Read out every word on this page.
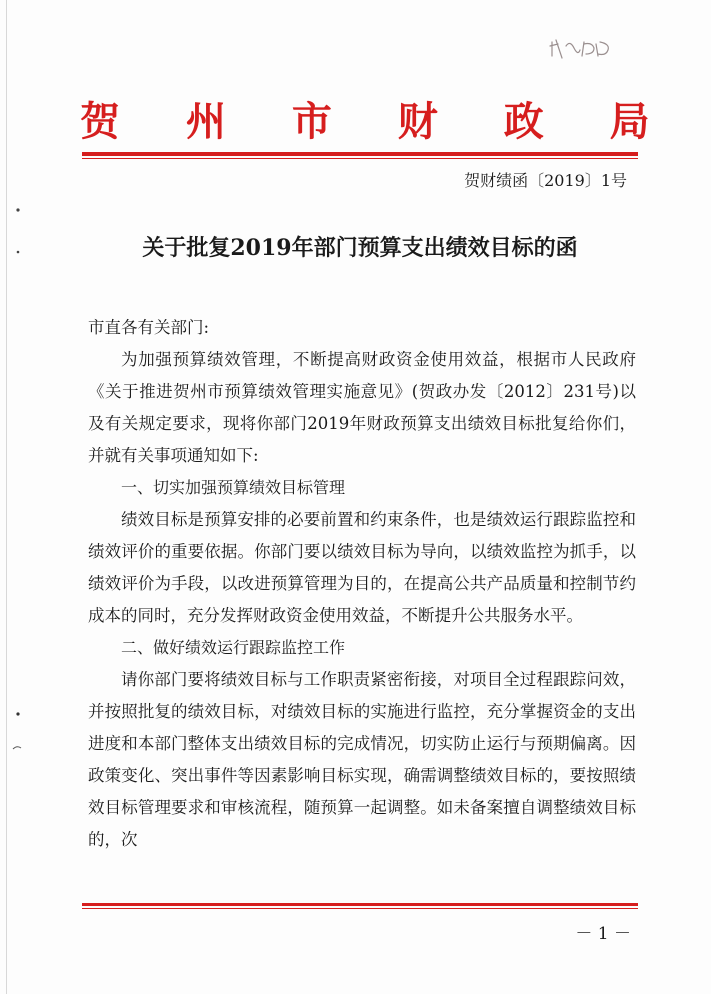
贺 州 市 财 政 局
贺财绩函〔2019〕1号
关于批复2019年部门预算支出绩效目标的函

市直各有关部门:

为加强预算绩效管理，不断提高财政资金使用效益，根据市人民政府《关于推进贺州市预算绩效管理实施意见》(贺政办发〔2012〕231号)以及有关规定要求，现将你部门2019年财政预算支出绩效目标批复给你们，并就有关事项通知如下:

一、切实加强预算绩效目标管理

绩效目标是预算安排的必要前置和约束条件，也是绩效运行跟踪监控和绩效评价的重要依据。你部门要以绩效目标为导向，以绩效监控为抓手，以绩效评价为手段，以改进预算管理为目的，在提高公共产品质量和控制节约成本的同时，充分发挥财政资金使用效益，不断提升公共服务水平。

二、做好绩效运行跟踪监控工作

请你部门要将绩效目标与工作职责紧密衔接，对项目全过程跟踪问效，并按照批复的绩效目标，对绩效目标的实施进行监控，充分掌握资金的支出进度和本部门整体支出绩效目标的完成情况，切实防止运行与预期偏离。因政策变化、突出事件等因素影响目标实现，确需调整绩效目标的，要按照绩效目标管理要求和审核流程，随预算一起调整。如未备案擅自调整绩效目标的，次

－ 1 －
